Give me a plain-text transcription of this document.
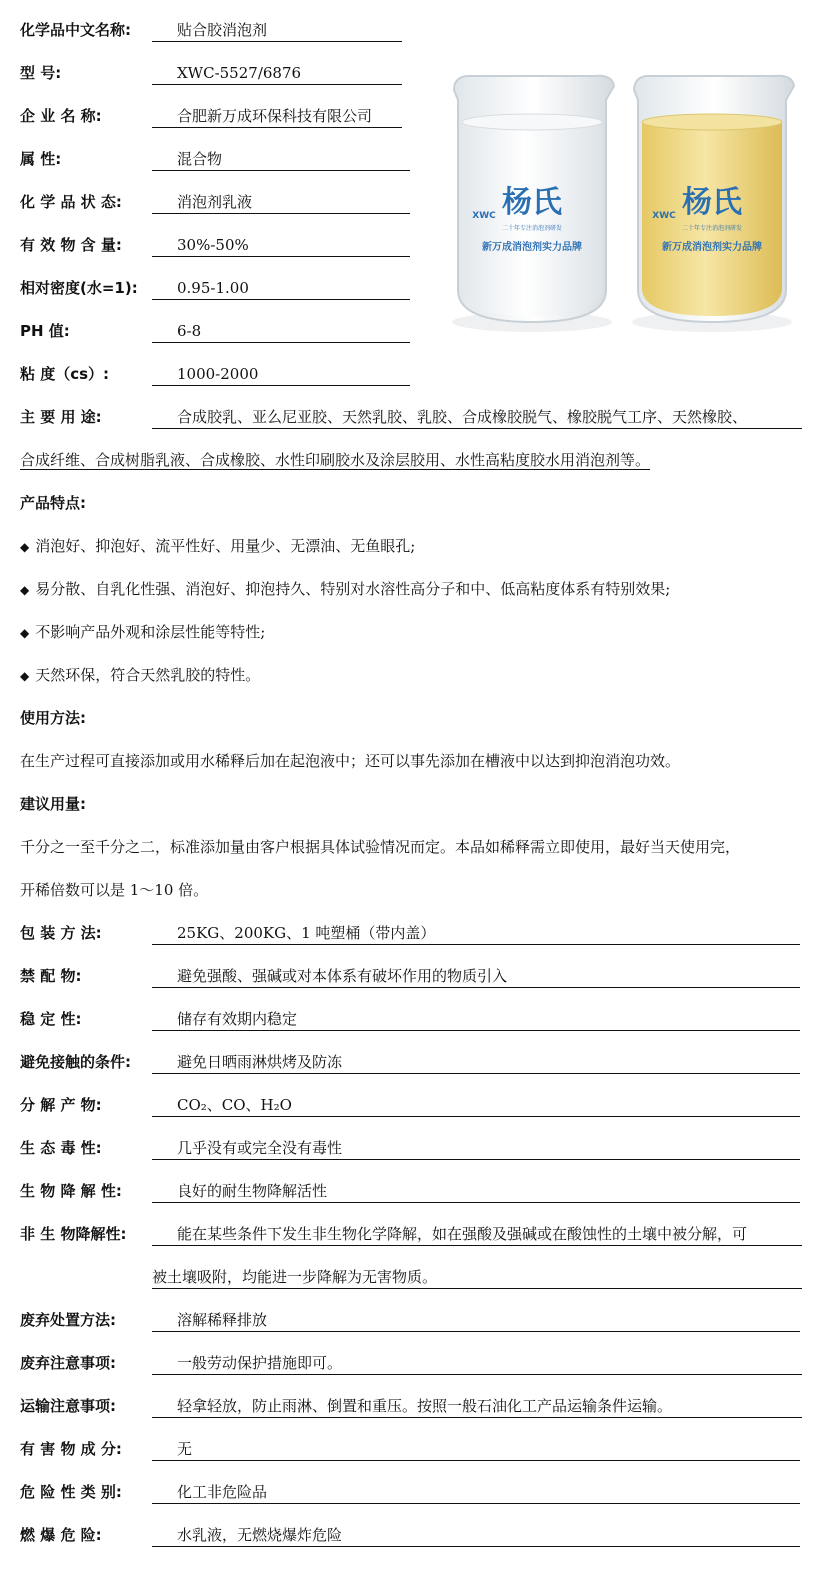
化学品中文名称:	贴合胶消泡剂
型 号:	XWC-5527/6876
企 业 名 称:	合肥新万成环保科技有限公司
属 性:	混合物
化 学 品 状 态:	消泡剂乳液
有 效 物 含 量:	30%-50%
相对密度(水=1):	0.95-1.00
PH 值:	6-8
粘 度（cs）:	1000-2000
杨氏
XWC
二十年专注消泡剂研发
新万成消泡剂实力品牌
杨氏
XWC
二十年专注消泡剂研发
新万成消泡剂实力品牌
主 要 用 途:	合成胶乳、亚么尼亚胶、天然乳胶、乳胶、合成橡胶脱气、橡胶脱气工序、天然橡胶、
合成纤维、合成树脂乳液、合成橡胶、水性印刷胶水及涂层胶用、水性高粘度胶水用消泡剂等。
产品特点:
◆ 消泡好、抑泡好、流平性好、用量少、无漂油、无鱼眼孔;
◆ 易分散、自乳化性强、消泡好、抑泡持久、特别对水溶性高分子和中、低高粘度体系有特别效果;
◆ 不影响产品外观和涂层性能等特性;
◆ 天然环保，符合天然乳胶的特性。
使用方法:
在生产过程可直接添加或用水稀释后加在起泡液中；还可以事先添加在槽液中以达到抑泡消泡功效。
建议用量:
千分之一至千分之二，标准添加量由客户根据具体试验情况而定。本品如稀释需立即使用，最好当天使用完，
开稀倍数可以是 1～10 倍。
包 装 方 法:	25KG、200KG、1 吨塑桶（带内盖）
禁 配 物:	避免强酸、强碱或对本体系有破坏作用的物质引入
稳 定 性:	储存有效期内稳定
避免接触的条件:	避免日晒雨淋烘烤及防冻
分 解 产 物:	CO₂、CO、H₂O
生 态 毒 性:	几乎没有或完全没有毒性
生 物 降 解 性:	良好的耐生物降解活性
非 生 物降解性:	能在某些条件下发生非生物化学降解，如在强酸及强碱或在酸蚀性的土壤中被分解，可
被土壤吸附，均能进一步降解为无害物质。
废弃处置方法:	溶解稀释排放
废弃注意事项:	一般劳动保护措施即可。
运输注意事项:	轻拿轻放，防止雨淋、倒置和重压。按照一般石油化工产品运输条件运输。
有 害 物 成 分:	无
危 险 性 类 别:	化工非危险品
燃 爆 危 险:	水乳液，无燃烧爆炸危险
